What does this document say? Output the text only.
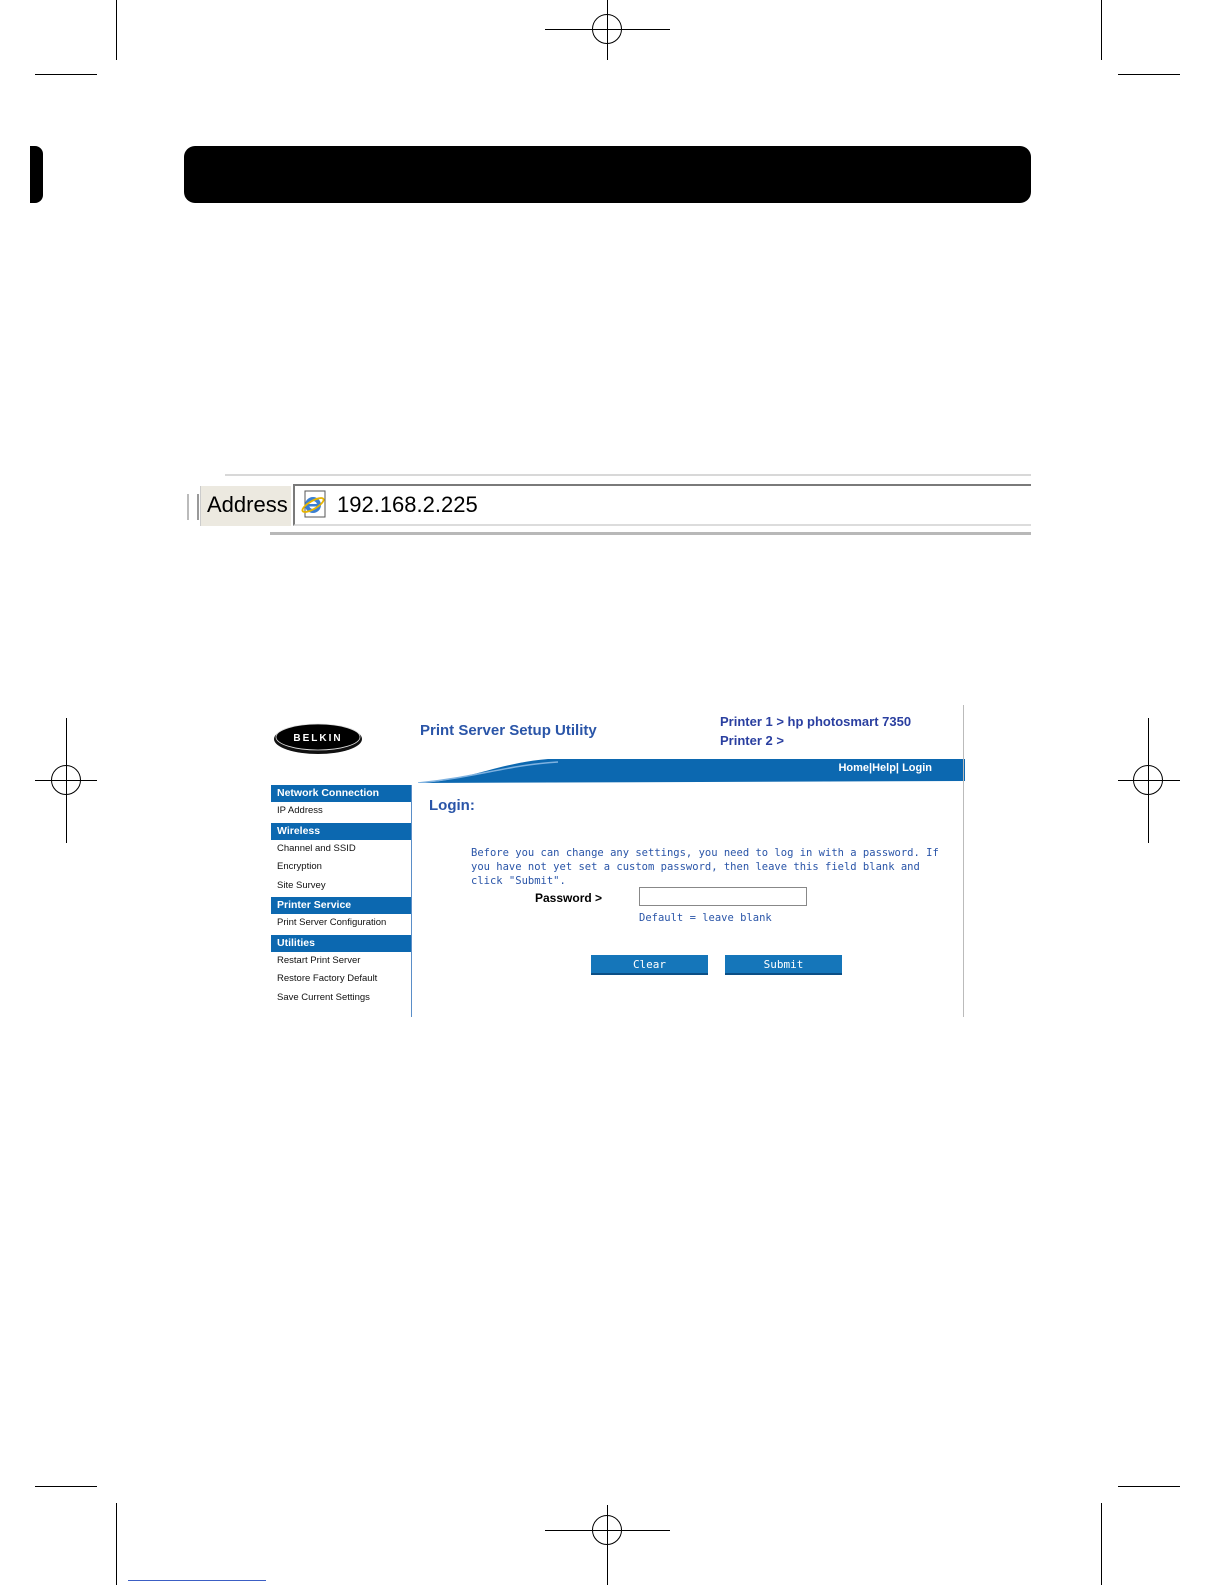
Address 192.168.2.225
BELKIN	Print Server Setup Utility
Printer 1 > hp photosmart 7350
Printer 2 >
Home|Help| Login
Network Connection
IP Address
Wireless
Channel and SSID
Encryption
Site Survey
Printer Service
Print Server Configuration
Utilities
Restart Print Server
Restore Factory Default
Save Current Settings
Login:
Before you can change any settings, you need to log in with a password. If you have not yet set a custom password, then leave this field blank and click "Submit".
Password >
Default = leave blank
Clear	Submit
